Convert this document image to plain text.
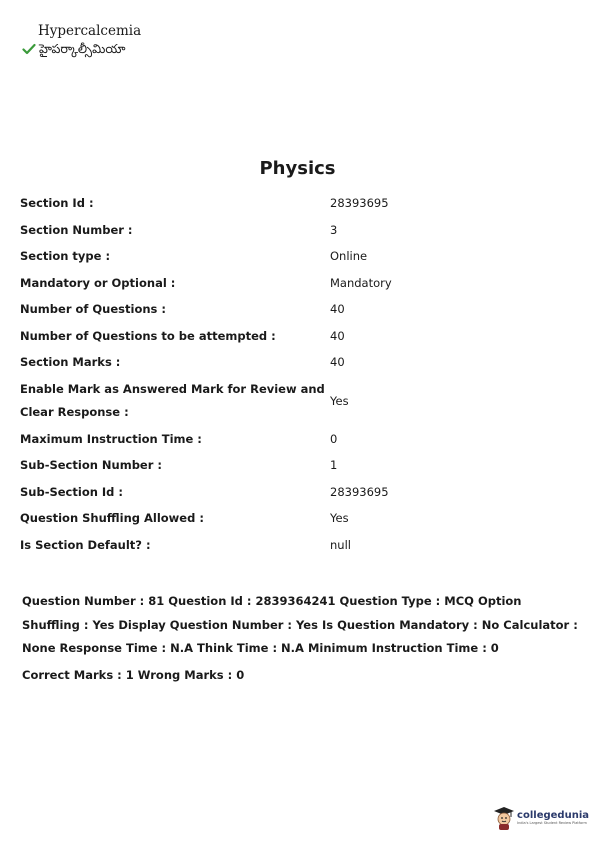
Hypercalcemia
హైపర్కాల్సీమియా
Physics
Section Id :	28393695
Section Number :	3
Section type :	Online
Mandatory or Optional :	Mandatory
Number of Questions :	40
Number of Questions to be attempted :	40
Section Marks :	40
Enable Mark as Answered Mark for Review and Clear Response :	Yes
Maximum Instruction Time :	0
Sub-Section Number :	1
Sub-Section Id :	28393695
Question Shuffling Allowed :	Yes
Is Section Default? :	null

Question Number : 81 Question Id : 2839364241 Question Type : MCQ Option Shuffling : Yes Display Question Number : Yes Is Question Mandatory : No Calculator : None Response Time : N.A Think Time : N.A Minimum Instruction Time : 0

Correct Marks : 1 Wrong Marks : 0

collegedunia
India's Largest Student Review Platform
